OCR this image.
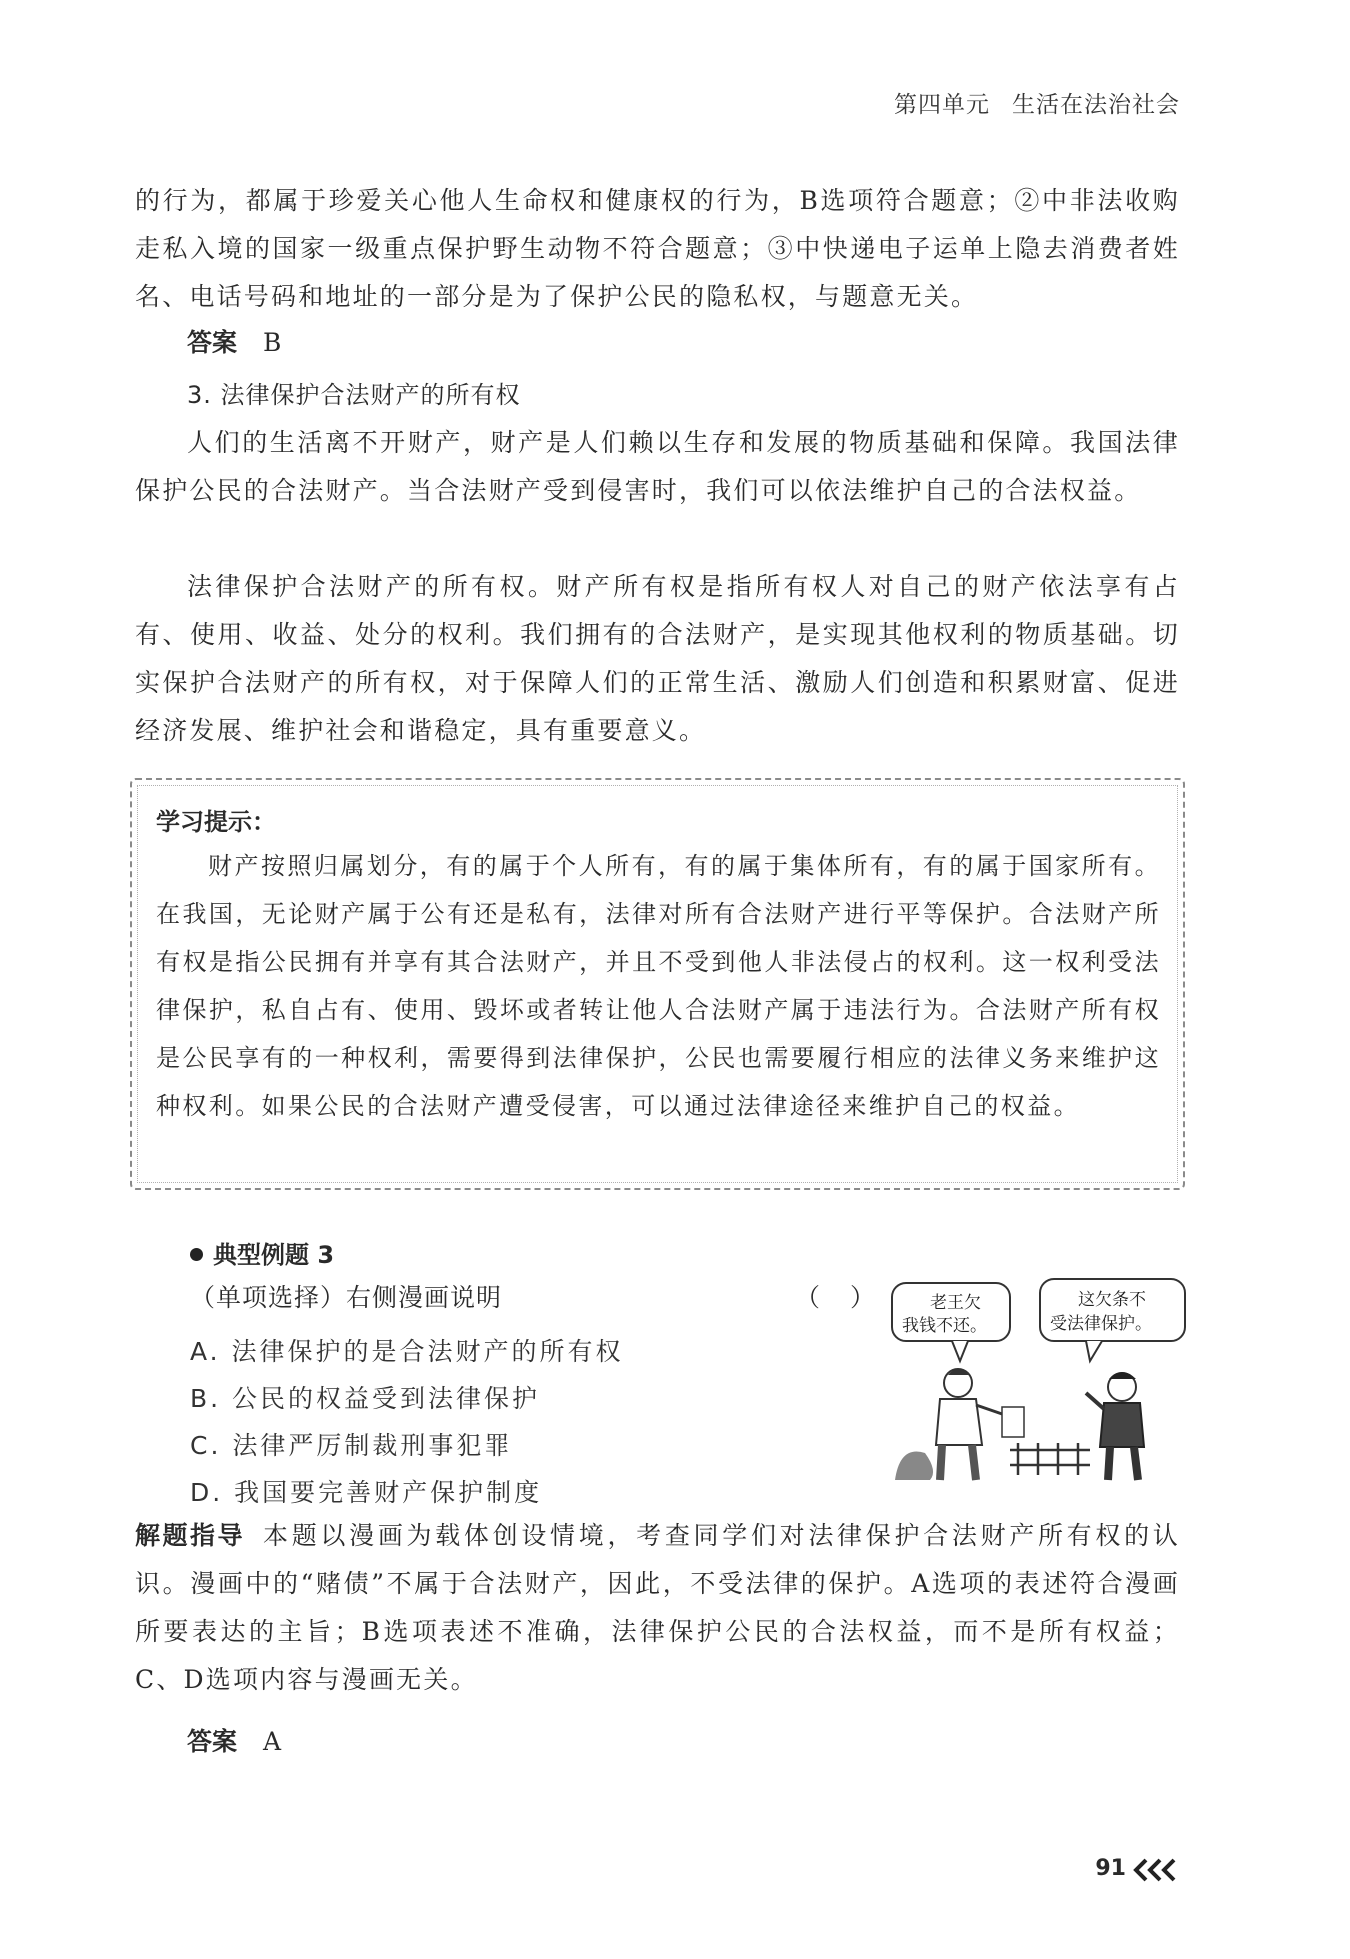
第四单元 生活在法治社会

的行为，都属于珍爱关心他人生命权和健康权的行为，B选项符合题意；②中非法收购走私入境的国家一级重点保护野生动物不符合题意；③中快递电子运单上隐去消费者姓名、电话号码和地址的一部分是为了保护公民的隐私权，与题意无关。

答案 B
3. 法律保护合法财产的所有权

人们的生活离不开财产，财产是人们赖以生存和发展的物质基础和保障。我国法律保护公民的合法财产。当合法财产受到侵害时，我们可以依法维护自己的合法权益。

法律保护合法财产的所有权。财产所有权是指所有权人对自己的财产依法享有占有、使用、收益、处分的权利。我们拥有的合法财产，是实现其他权利的物质基础。切实保护合法财产的所有权，对于保障人们的正常生活、激励人们创造和积累财富、促进经济发展、维护社会和谐稳定，具有重要意义。

学习提示：

财产按照归属划分，有的属于个人所有，有的属于集体所有，有的属于国家所有。在我国，无论财产属于公有还是私有，法律对所有合法财产进行平等保护。合法财产所有权是指公民拥有并享有其合法财产，并且不受到他人非法侵占的权利。这一权利受法律保护，私自占有、使用、毁坏或者转让他人合法财产属于违法行为。合法财产所有权是公民享有的一种权利，需要得到法律保护，公民也需要履行相应的法律义务来维护这种权利。如果公民的合法财产遭受侵害，可以通过法律途径来维护自己的权益。

典型例题 3
（单项选择）右侧漫画说明	（ ）
A. 法律保护的是合法财产的所有权
B. 公民的权益受到法律保护
C. 法律严厉制裁刑事犯罪
D. 我国要完善财产保护制度
老王欠
我钱不还。
这欠条不
受法律保护。

解题指导 本题以漫画为载体创设情境，考查同学们对法律保护合法财产所有权的认识。漫画中的“赌债”不属于合法财产，因此，不受法律的保护。A选项的表述符合漫画所要表达的主旨；B选项表述不准确，法律保护公民的合法权益，而不是所有权益；C、D选项内容与漫画无关。

答案 A
91
